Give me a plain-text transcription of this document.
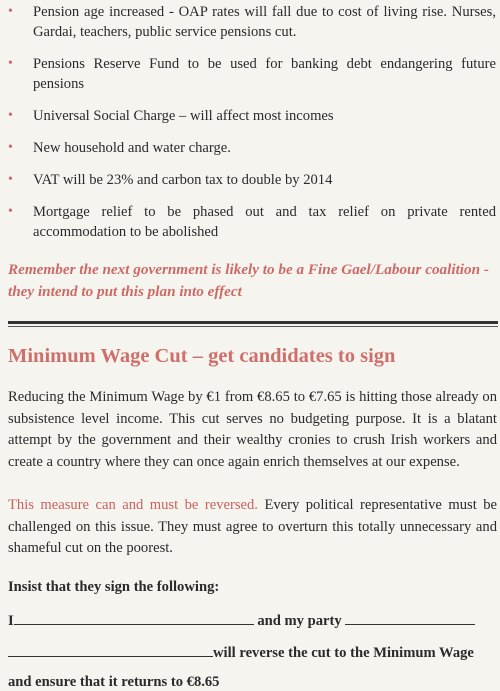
• Pension age increased - OAP rates will fall due to cost of living rise. Nurses, Gardai, teachers, public service pensions cut.
• Pensions Reserve Fund to be used for banking debt endangering future pensions
• Universal Social Charge – will affect most incomes
• New household and water charge.
• VAT will be 23% and carbon tax to double by 2014
• Mortgage relief to be phased out and tax relief on private rented accommodation to be abolished
Remember the next government is likely to be a Fine Gael/Labour coalition - they intend to put this plan into effect
Minimum Wage Cut – get candidates to sign
Reducing the Minimum Wage by €1 from €8.65 to €7.65 is hitting those already on subsistence level income. This cut serves no budgeting purpose. It is a blatant attempt by the government and their wealthy cronies to crush Irish workers and create a country where they can once again enrich themselves at our expense.
This measure can and must be reversed. Every political representative must be challenged on this issue. They must agree to overturn this totally unnecessary and shameful cut on the poorest.
Insist that they sign the following:
I	and my party
will reverse the cut to the Minimum Wage
and ensure that it returns to €8.65
